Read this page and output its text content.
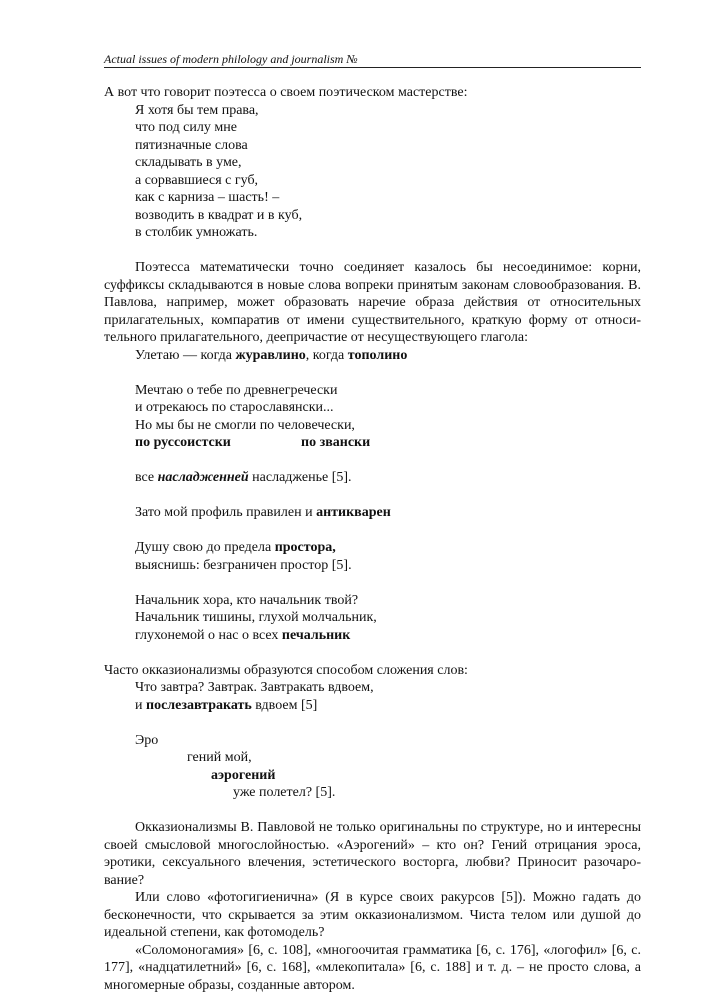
Actual issues of modern philology and journalism №
А вот что говорит поэтесса о своем поэтическом мастерстве:
Я хотя бы тем права,
что под силу мне
пятизначные слова
складывать в уме,
а сорвавшиеся с губ,
как с карниза – шасть! –
возводить в квадрат и в куб,
в столбик умножать.
Поэтесса математически точно соединяет казалось бы несоединимое: корни, суффиксы складываются в новые слова вопреки принятым законам словообразования. В. Павлова, например, может образовать наречие образа действия от относительных прилагательных, компаратив от имени существительного, краткую форму от относительного прилагательного, деепричастие от несуществующего глагола:
Улетаю — когда журавлино, когда тополино
Мечтаю о тебе по древнегречески
и отрекаюсь по старославянски...
Но мы бы не смогли по человечески,
по руссоистски	по звански
все насладженней насладженье [5].
Зато мой профиль правилен и антикварен
Душу свою до предела простора,
выяснишь: безграничен простор [5].
Начальник хора, кто начальник твой?
Начальник тишины, глухой молчальник,
глухонемой о нас о всех печальник
Часто окказионализмы образуются способом сложения слов:
Что завтра? Завтрак. Завтракать вдвоем,
и послезавтракать вдвоем [5]
Эро
гений мой,
аэрогений
уже полетел? [5].
Окказионализмы В. Павловой не только оригинальны по структуре, но и интересны своей смысловой многослойностью. «Аэрогений» – кто он? Гений отрицания эроса, эротики, сексуального влечения, эстетического восторга, любви? Приносит разочарование?
Или слово «фотогигиенична» (Я в курсе своих ракурсов [5]). Можно гадать до бесконечности, что скрывается за этим окказионализмом. Чиста телом или душой до идеальной степени, как фотомодель?
«Соломоногамия» [6, с. 108], «многоочитая грамматика [6, с. 176], «логофил» [6, с. 177], «надцатилетний» [6, с. 168], «млекопитала» [6, с. 188] и т. д. – не просто слова, а многомерные образы, созданные автором.
